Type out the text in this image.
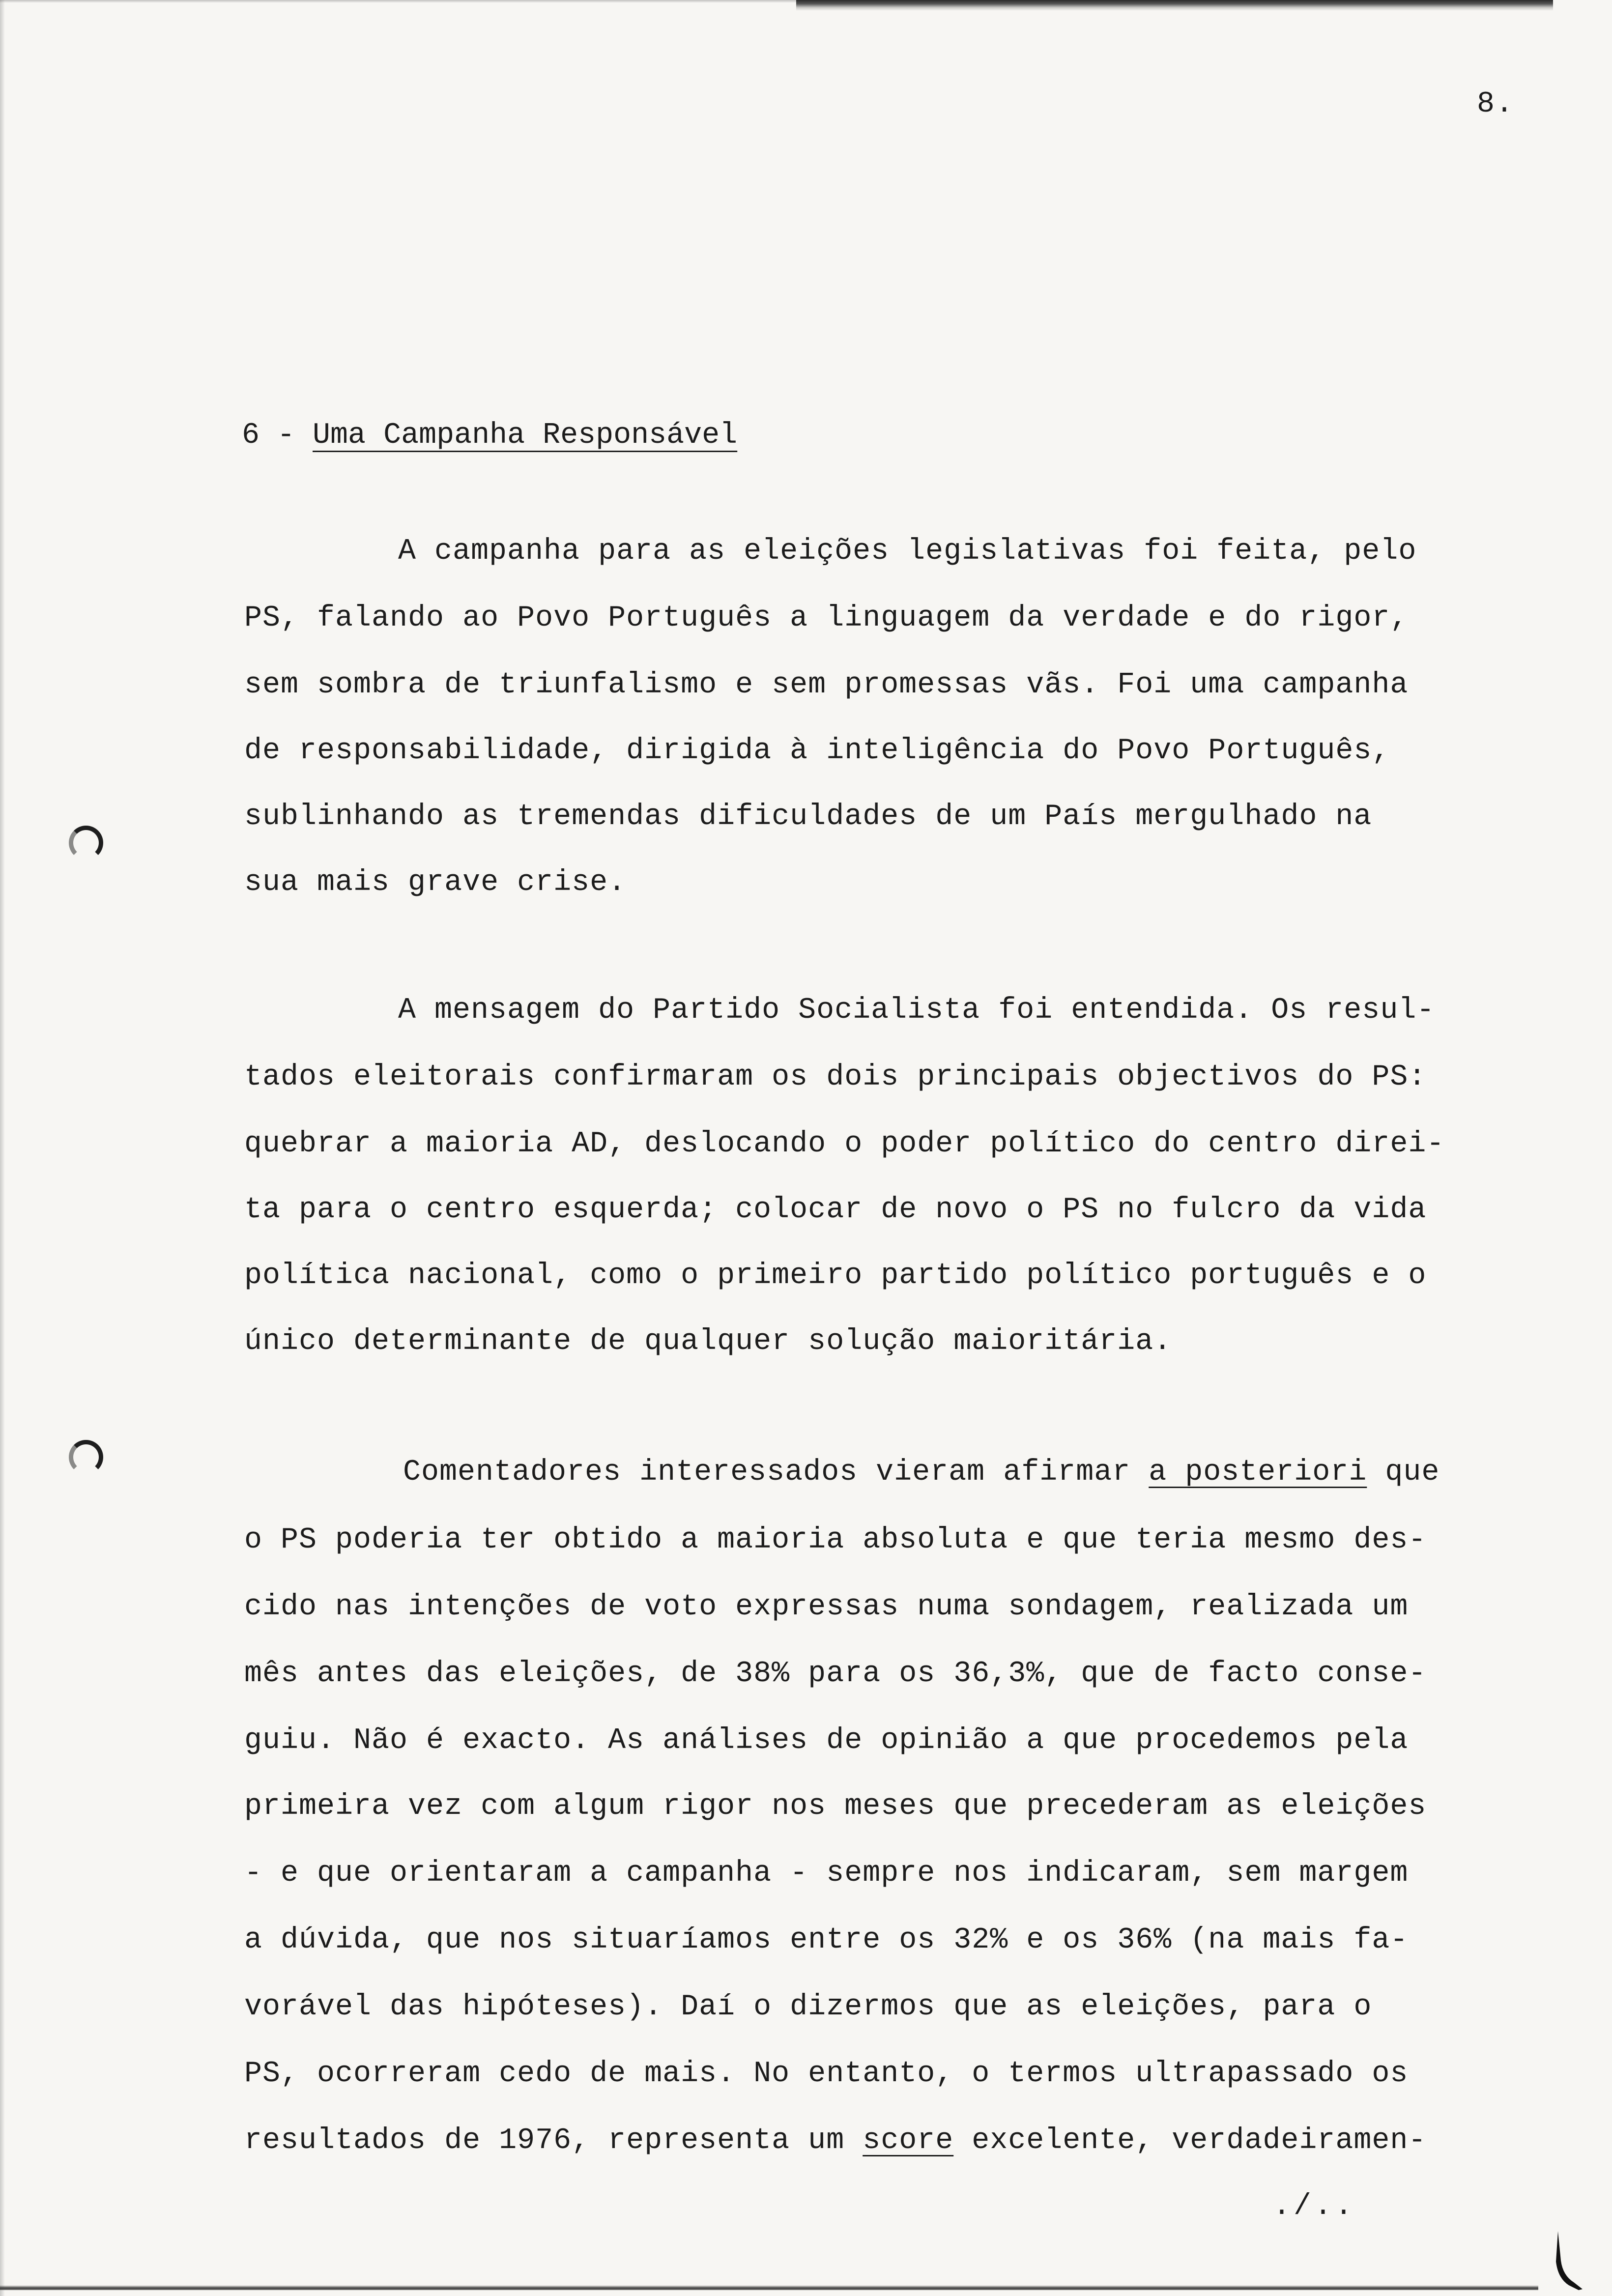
8.
6 - Uma Campanha Responsável
A campanha para as eleições legislativas foi feita, pelo
PS, falando ao Povo Português a linguagem da verdade e do rigor,
sem sombra de triunfalismo e sem promessas vãs. Foi uma campanha
de responsabilidade, dirigida à inteligência do Povo Português,
sublinhando as tremendas dificuldades de um País mergulhado na
sua mais grave crise.
A mensagem do Partido Socialista foi entendida. Os resul-
tados eleitorais confirmaram os dois principais objectivos do PS:
quebrar a maioria AD, deslocando o poder político do centro direi-
ta para o centro esquerda; colocar de novo o PS no fulcro da vida
política nacional, como o primeiro partido político português e o
único determinante de qualquer solução maioritária.
Comentadores interessados vieram afirmar a posteriori que
o PS poderia ter obtido a maioria absoluta e que teria mesmo des-
cido nas intenções de voto expressas numa sondagem, realizada um
mês antes das eleições, de 38% para os 36,3%, que de facto conse-
guiu. Não é exacto. As análises de opinião a que procedemos pela
primeira vez com algum rigor nos meses que precederam as eleições
- e que orientaram a campanha - sempre nos indicaram, sem margem
a dúvida, que nos situaríamos entre os 32% e os 36% (na mais fa-
vorável das hipóteses). Daí o dizermos que as eleições, para o
PS, ocorreram cedo de mais. No entanto, o termos ultrapassado os
resultados de 1976, representa um score excelente, verdadeiramen-
./..
